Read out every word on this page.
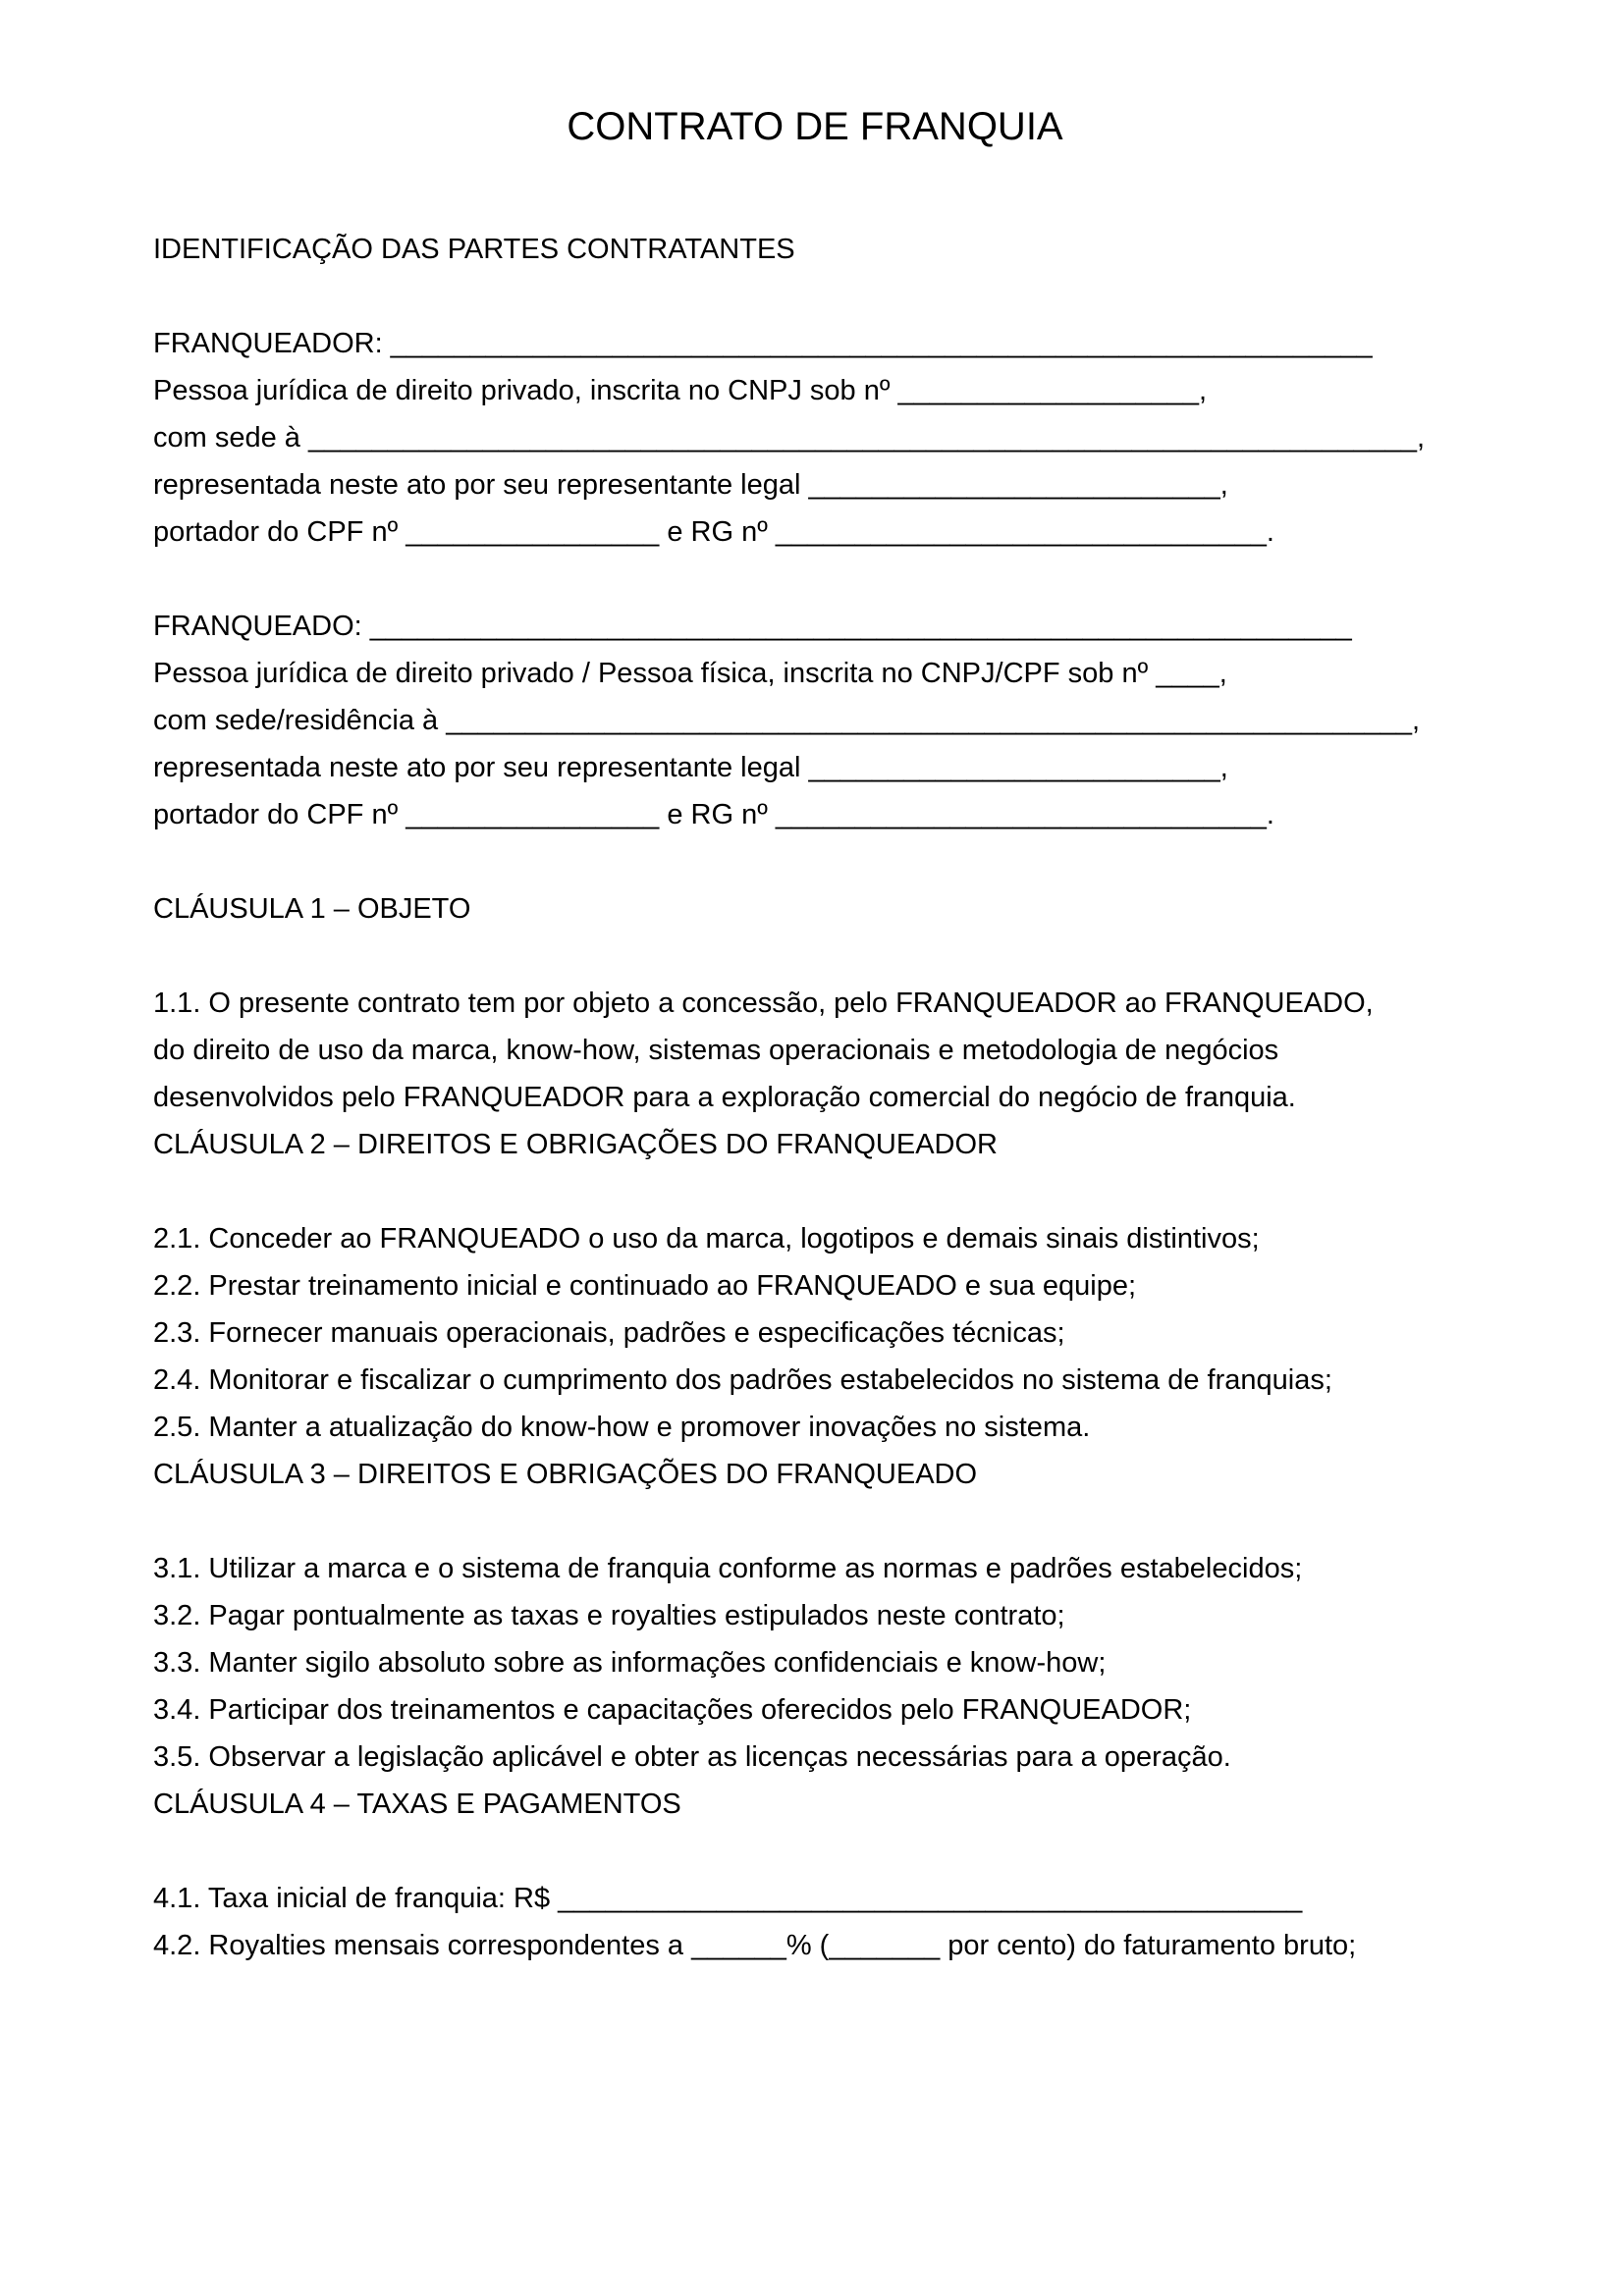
CONTRATO DE FRANQUIA

IDENTIFICAÇÃO DAS PARTES CONTRATANTES

FRANQUEADOR: ______________________________________________________________

Pessoa jurídica de direito privado, inscrita no CNPJ sob nº ___________________,

com sede à ______________________________________________________________________,

representada neste ato por seu representante legal __________________________,

portador do CPF nº ________________ e RG nº _______________________________.

FRANQUEADO: ______________________________________________________________

Pessoa jurídica de direito privado / Pessoa física, inscrita no CNPJ/CPF sob nº ____,

com sede/residência à _____________________________________________________________,

representada neste ato por seu representante legal __________________________,

portador do CPF nº ________________ e RG nº _______________________________.

CLÁUSULA 1 – OBJETO

1.1. O presente contrato tem por objeto a concessão, pelo FRANQUEADOR ao FRANQUEADO,

do direito de uso da marca, know-how, sistemas operacionais e metodologia de negócios

desenvolvidos pelo FRANQUEADOR para a exploração comercial do negócio de franquia.

CLÁUSULA 2 – DIREITOS E OBRIGAÇÕES DO FRANQUEADOR

2.1. Conceder ao FRANQUEADO o uso da marca, logotipos e demais sinais distintivos;

2.2. Prestar treinamento inicial e continuado ao FRANQUEADO e sua equipe;

2.3. Fornecer manuais operacionais, padrões e especificações técnicas;

2.4. Monitorar e fiscalizar o cumprimento dos padrões estabelecidos no sistema de franquias;

2.5. Manter a atualização do know-how e promover inovações no sistema.

CLÁUSULA 3 – DIREITOS E OBRIGAÇÕES DO FRANQUEADO

3.1. Utilizar a marca e o sistema de franquia conforme as normas e padrões estabelecidos;

3.2. Pagar pontualmente as taxas e royalties estipulados neste contrato;

3.3. Manter sigilo absoluto sobre as informações confidenciais e know-how;

3.4. Participar dos treinamentos e capacitações oferecidos pelo FRANQUEADOR;

3.5. Observar a legislação aplicável e obter as licenças necessárias para a operação.

CLÁUSULA 4 – TAXAS E PAGAMENTOS

4.1. Taxa inicial de franquia: R$ _______________________________________________

4.2. Royalties mensais correspondentes a ______% (_______ por cento) do faturamento bruto;
